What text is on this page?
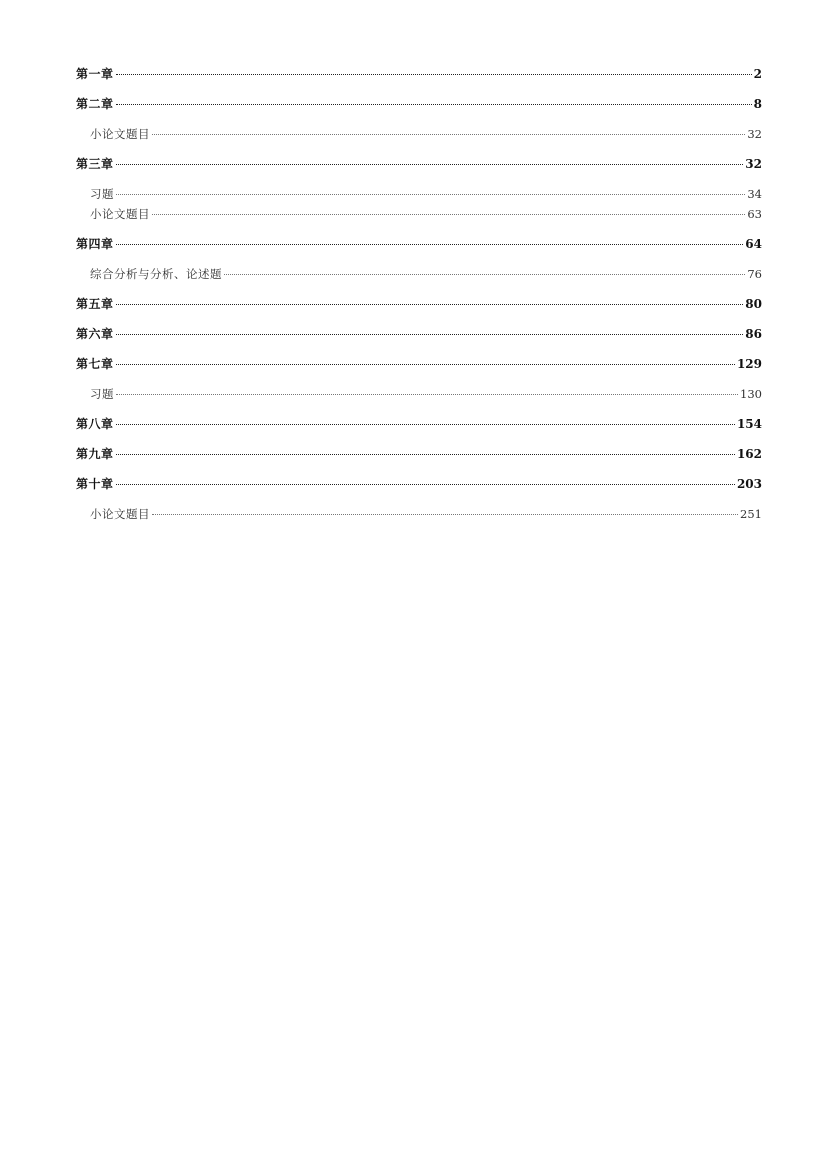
第一章	2
第二章	8
小论文题目	32
第三章	32
习题	34
小论文题目	63
第四章	64
综合分析与分析、论述题	76
第五章	80
第六章	86
第七章	129
习题	130
第八章	154
第九章	162
第十章	203
小论文题目	251
